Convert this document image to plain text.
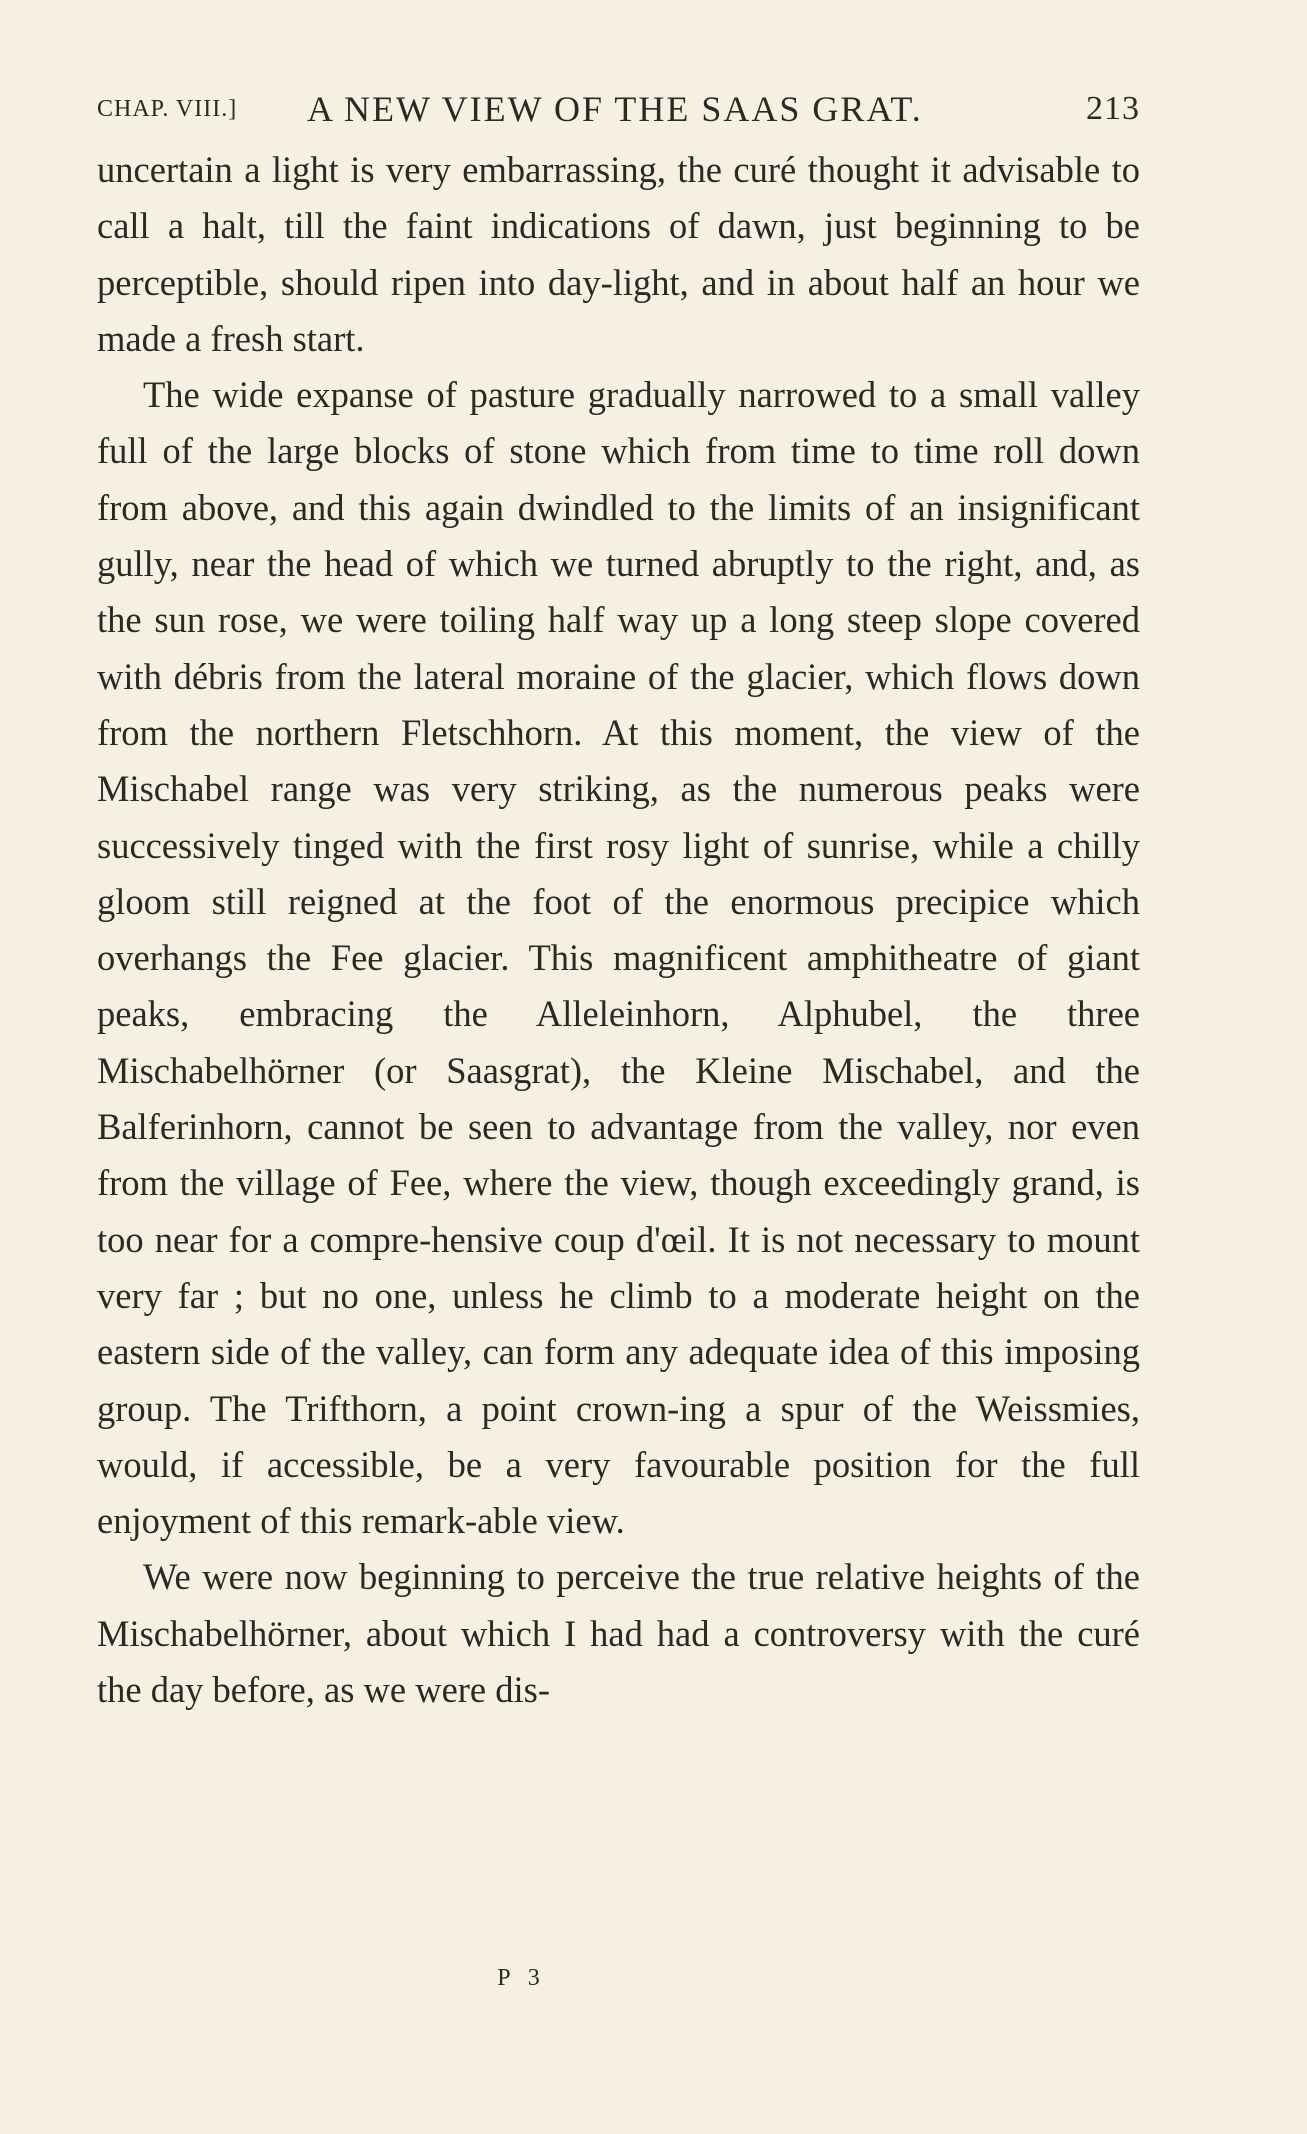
CHAP. VIII.] A NEW VIEW OF THE SAAS GRAT.	213

uncertain a light is very embarrassing, the curé thought it advisable to call a halt, till the faint indications of dawn, just beginning to be perceptible, should ripen into day-light, and in about half an hour we made a fresh start.

The wide expanse of pasture gradually narrowed to a small valley full of the large blocks of stone which from time to time roll down from above, and this again dwindled to the limits of an insignificant gully, near the head of which we turned abruptly to the right, and, as the sun rose, we were toiling half way up a long steep slope covered with débris from the lateral moraine of the glacier, which flows down from the northern Fletschhorn. At this moment, the view of the Mischabel range was very striking, as the numerous peaks were successively tinged with the first rosy light of sunrise, while a chilly gloom still reigned at the foot of the enormous precipice which overhangs the Fee glacier. This magnificent amphitheatre of giant peaks, embracing the Alleleinhorn, Alphubel, the three Mischabelhörner (or Saasgrat), the Kleine Mischabel, and the Balferinhorn, cannot be seen to advantage from the valley, nor even from the village of Fee, where the view, though exceedingly grand, is too near for a compre-hensive coup d'œil. It is not necessary to mount very far ; but no one, unless he climb to a moderate height on the eastern side of the valley, can form any adequate idea of this imposing group. The Trifthorn, a point crown-ing a spur of the Weissmies, would, if accessible, be a very favourable position for the full enjoyment of this remark-able view.

We were now beginning to perceive the true relative heights of the Mischabelhörner, about which I had had a controversy with the curé the day before, as we were dis-

P 3
